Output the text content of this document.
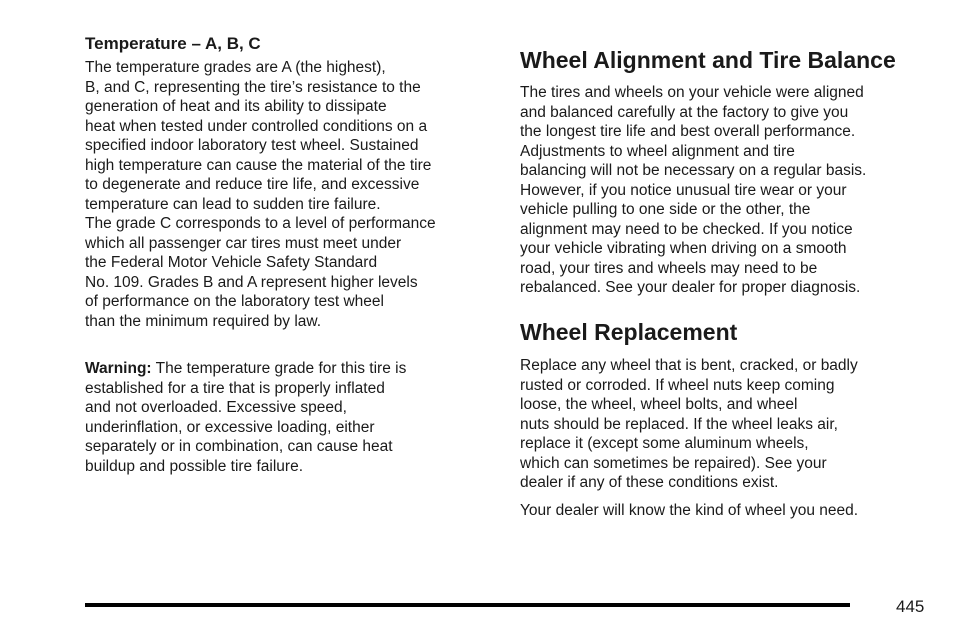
Temperature – A, B, C

The temperature grades are A (the highest),
B, and C, representing the tire’s resistance to the
generation of heat and its ability to dissipate
heat when tested under controlled conditions on a
specified indoor laboratory test wheel. Sustained
high temperature can cause the material of the tire
to degenerate and reduce tire life, and excessive
temperature can lead to sudden tire failure.
The grade C corresponds to a level of performance
which all passenger car tires must meet under
the Federal Motor Vehicle Safety Standard
No. 109. Grades B and A represent higher levels
of performance on the laboratory test wheel
than the minimum required by law.

Warning: The temperature grade for this tire is
established for a tire that is properly inflated
and not overloaded. Excessive speed,
underinflation, or excessive loading, either
separately or in combination, can cause heat
buildup and possible tire failure.

Wheel Alignment and Tire Balance

The tires and wheels on your vehicle were aligned
and balanced carefully at the factory to give you
the longest tire life and best overall performance.
Adjustments to wheel alignment and tire
balancing will not be necessary on a regular basis.
However, if you notice unusual tire wear or your
vehicle pulling to one side or the other, the
alignment may need to be checked. If you notice
your vehicle vibrating when driving on a smooth
road, your tires and wheels may need to be
rebalanced. See your dealer for proper diagnosis.

Wheel Replacement

Replace any wheel that is bent, cracked, or badly
rusted or corroded. If wheel nuts keep coming
loose, the wheel, wheel bolts, and wheel
nuts should be replaced. If the wheel leaks air,
replace it (except some aluminum wheels,
which can sometimes be repaired). See your
dealer if any of these conditions exist.

Your dealer will know the kind of wheel you need.

445
